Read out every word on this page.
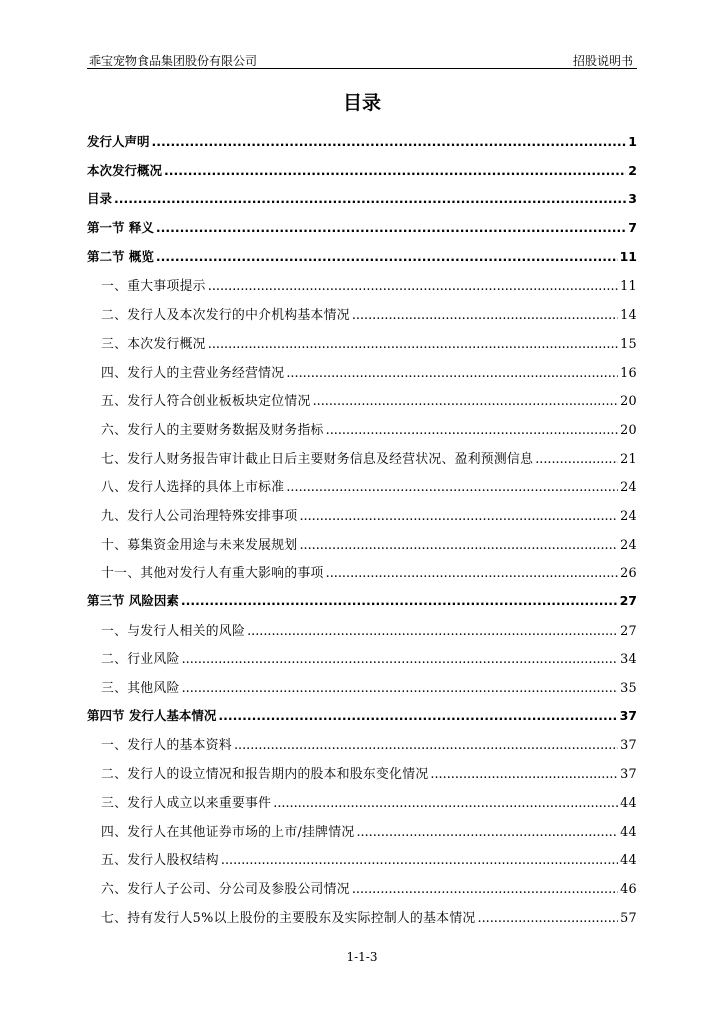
乖宝宠物食品集团股份有限公司	招股说明书
目录
发行人声明 .....	1
本次发行概况 .....	2
目录 .....	3
第一节 释义 .....	7
第二节 概览 .....	11
一、重大事项提示 .....	11
二、发行人及本次发行的中介机构基本情况 .....	14
三、本次发行概况 .....	15
四、发行人的主营业务经营情况 .....	16
五、发行人符合创业板板块定位情况 .....	20
六、发行人的主要财务数据及财务指标 .....	20
七、发行人财务报告审计截止日后主要财务信息及经营状况、盈利预测信息 .....	21
八、发行人选择的具体上市标准 .....	24
九、发行人公司治理特殊安排事项 .....	24
十、募集资金用途与未来发展规划 .....	24
十一、其他对发行人有重大影响的事项 .....	26
第三节 风险因素 .....	27
一、与发行人相关的风险 .....	27
二、行业风险 .....	34
三、其他风险 .....	35
第四节 发行人基本情况 .....	37
一、发行人的基本资料 .....	37
二、发行人的设立情况和报告期内的股本和股东变化情况 .....	37
三、发行人成立以来重要事件 .....	44
四、发行人在其他证券市场的上市/挂牌情况 .....	44
五、发行人股权结构 .....	44
六、发行人子公司、分公司及参股公司情况 .....	46
七、持有发行人5%以上股份的主要股东及实际控制人的基本情况 .....	57
1-1-3
